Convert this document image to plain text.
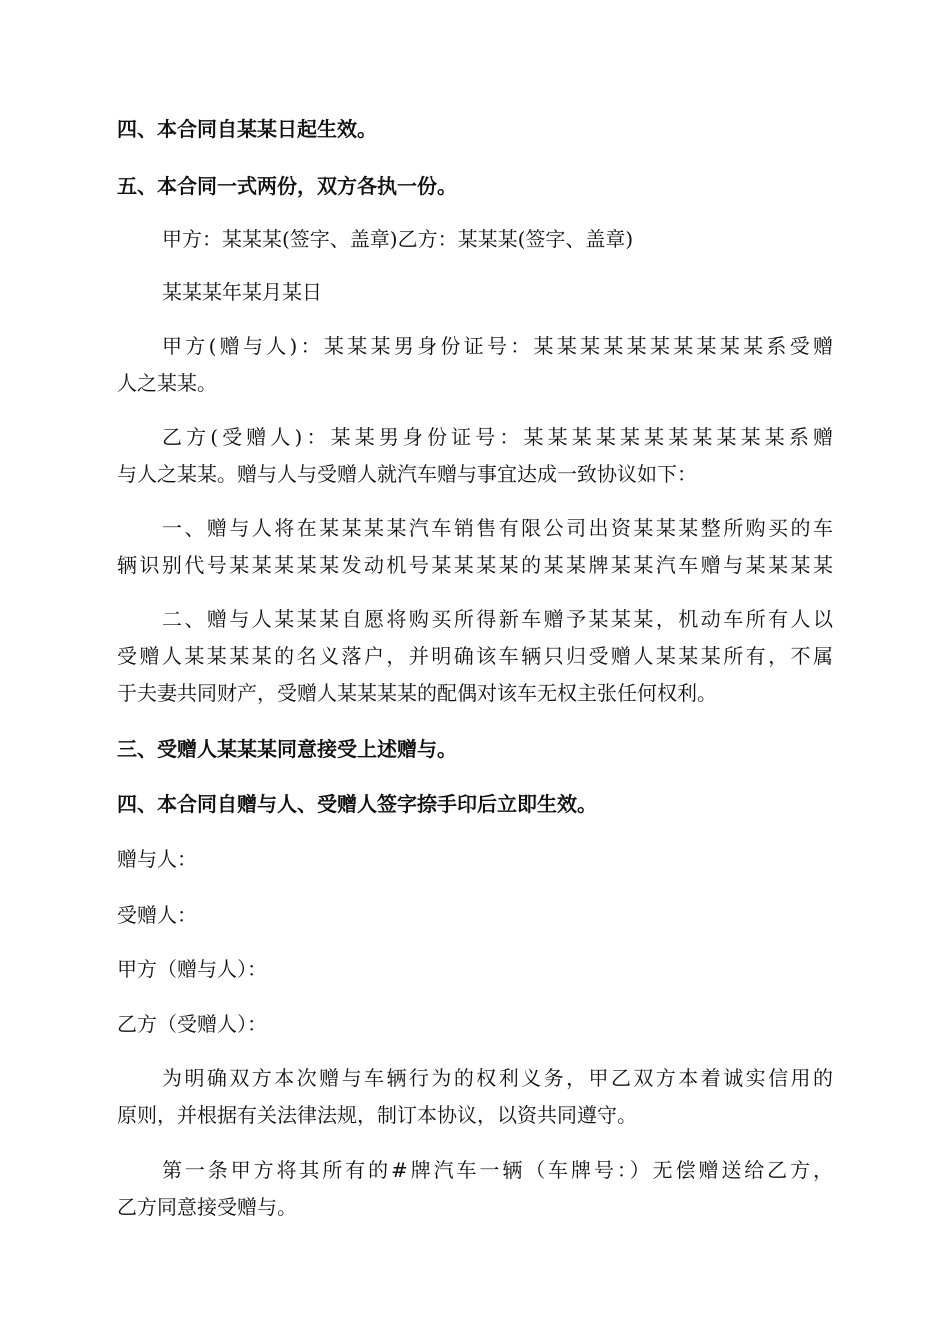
四、本合同自某某日起生效。
五、本合同一式两份，双方各执一份。
甲方：某某某(签字、盖章)乙方：某某某(签字、盖章)
某某某年某月某日
甲方(赠与人)：某某某男身份证号：某某某某某某某某某某系受赠
人之某某。
乙方(受赠人)：某某男身份证号：某某某某某某某某某某某系赠
与人之某某。赠与人与受赠人就汽车赠与事宜达成一致协议如下：
一、赠与人将在某某某某汽车销售有限公司出资某某某整所购买的车
辆识别代号某某某某某发动机号某某某某的某某牌某某汽车赠与某某某某
二、赠与人某某某自愿将购买所得新车赠予某某某，机动车所有人以
受赠人某某某某的名义落户，并明确该车辆只归受赠人某某某所有，不属
于夫妻共同财产，受赠人某某某某的配偶对该车无权主张任何权利。
三、受赠人某某某同意接受上述赠与。
四、本合同自赠与人、受赠人签字捺手印后立即生效。
赠与人：
受赠人：
甲方（赠与人）：
乙方（受赠人）：
为明确双方本次赠与车辆行为的权利义务，甲乙双方本着诚实信用的
原则，并根据有关法律法规，制订本协议，以资共同遵守。
第一条甲方将其所有的#牌汽车一辆（车牌号：）无偿赠送给乙方，
乙方同意接受赠与。
